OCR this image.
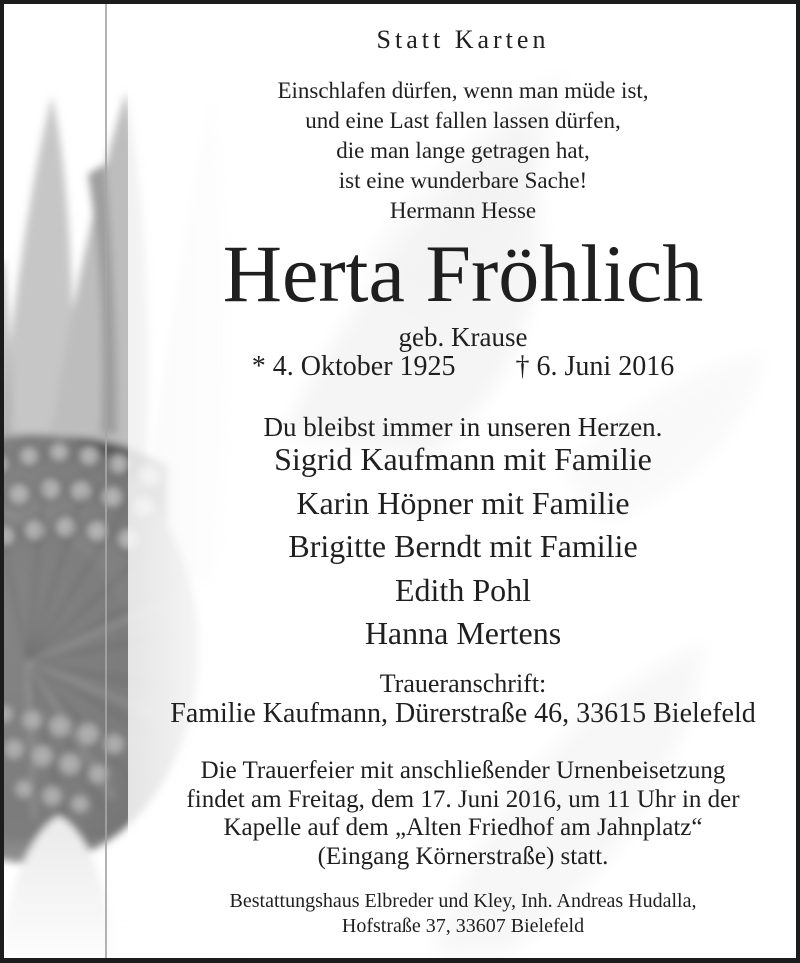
Statt Karten
Einschlafen dürfen, wenn man müde ist,
und eine Last fallen lassen dürfen,
die man lange getragen hat,
ist eine wunderbare Sache!
Hermann Hesse
Herta Fröhlich
geb. Krause
* 4. Oktober 1925 † 6. Juni 2016
Du bleibst immer in unseren Herzen.
Sigrid Kaufmann mit Familie
Karin Höpner mit Familie
Brigitte Berndt mit Familie
Edith Pohl
Hanna Mertens
Traueranschrift:
Familie Kaufmann, Dürerstraße 46, 33615 Bielefeld
Die Trauerfeier mit anschließender Urnenbeisetzung
findet am Freitag, dem 17. Juni 2016, um 11 Uhr in der
Kapelle auf dem „Alten Friedhof am Jahnplatz“
(Eingang Körnerstraße) statt.
Bestattungshaus Elbreder und Kley, Inh. Andreas Hudalla,
Hofstraße 37, 33607 Bielefeld
